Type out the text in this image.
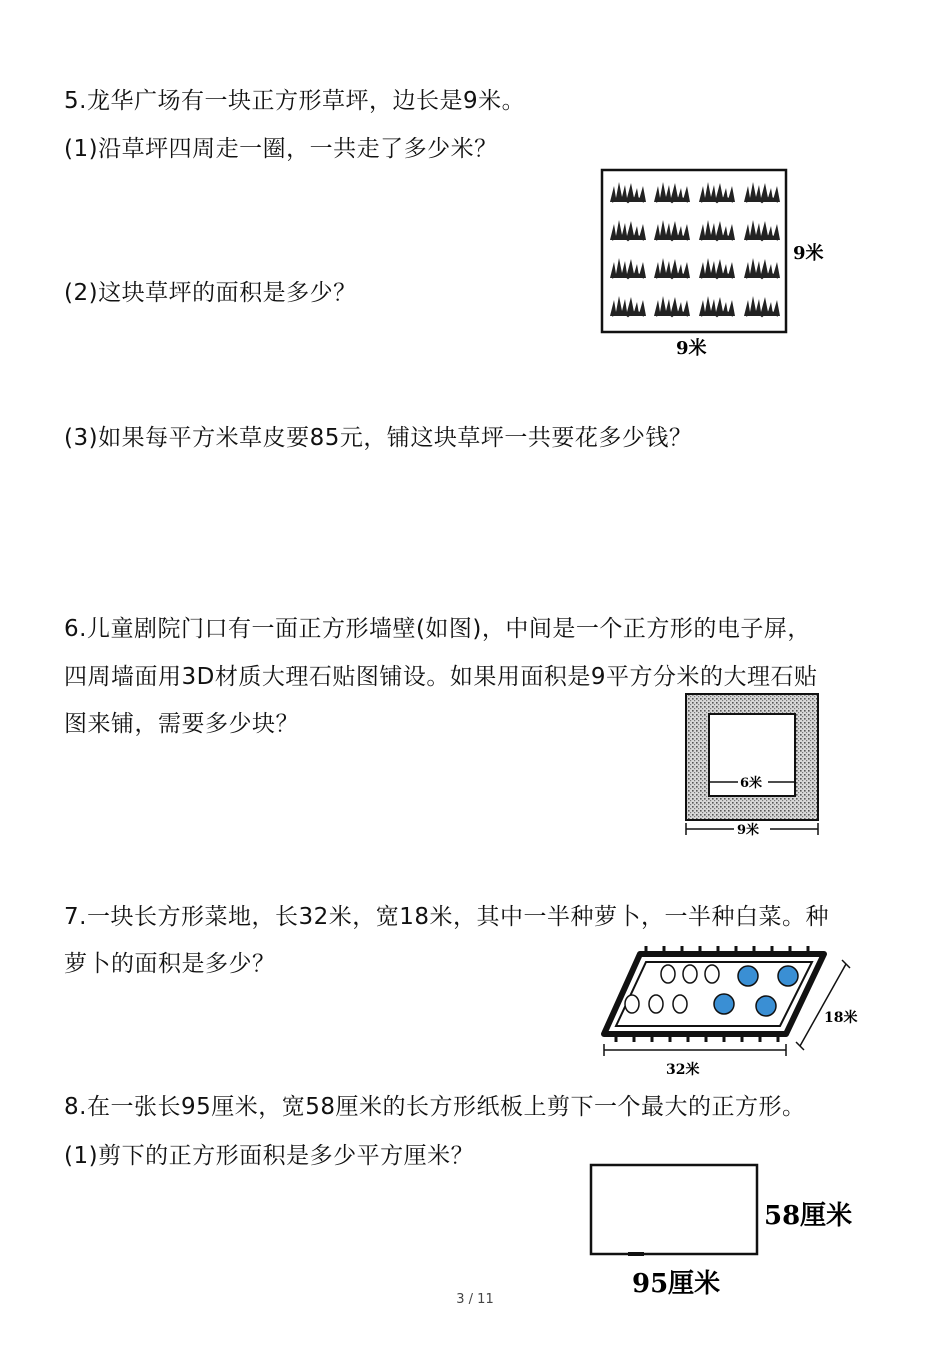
5.龙华广场有一块正方形草坪，边长是9米。
(1)沿草坪四周走一圈，一共走了多少米？
(2)这块草坪的面积是多少？
(3)如果每平方米草皮要85元，铺这块草坪一共要花多少钱？
9米
9米
6.儿童剧院门口有一面正方形墙壁(如图)，中间是一个正方形的电子屏，
四周墙面用3D材质大理石贴图铺设。如果用面积是9平方分米的大理石贴
图来铺，需要多少块？
6米
9米
7.一块长方形菜地，长32米，宽18米，其中一半种萝卜，一半种白菜。种
萝卜的面积是多少？
18米
32米
8.在一张长95厘米，宽58厘米的长方形纸板上剪下一个最大的正方形。
(1)剪下的正方形面积是多少平方厘米？
58厘米
95厘米
3 / 11
